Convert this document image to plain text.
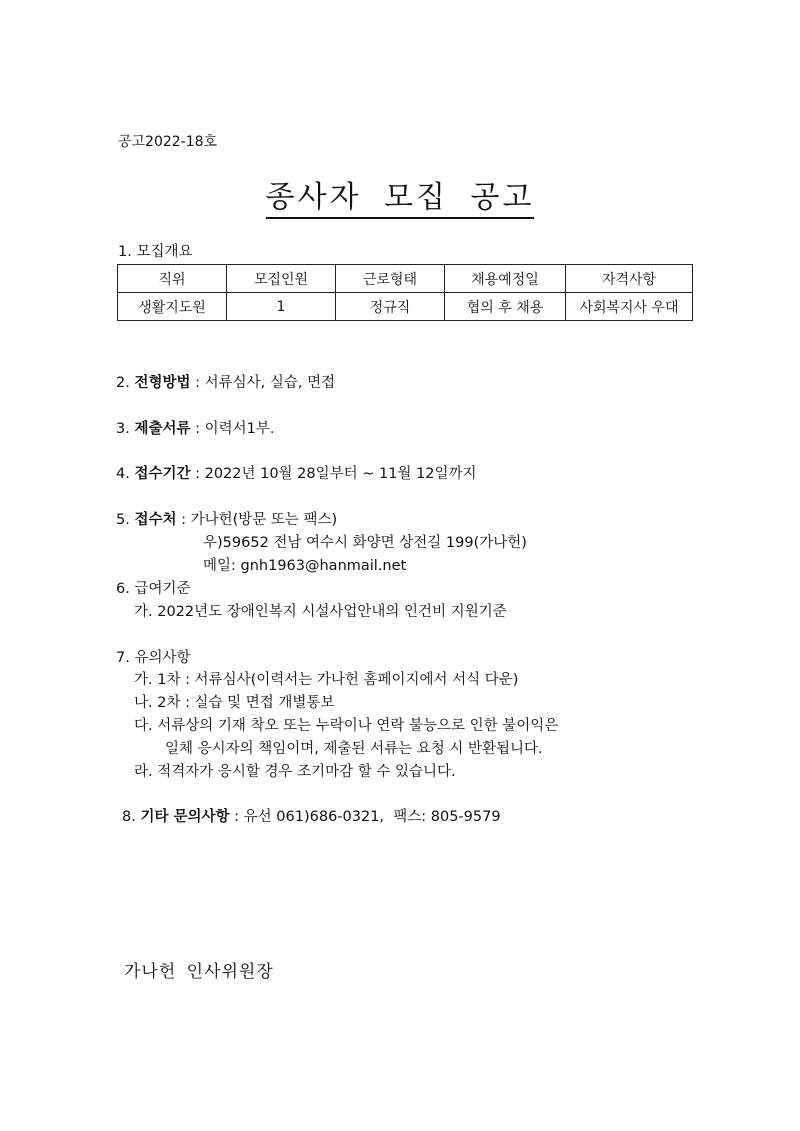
공고2022-18호
종사자 모집 공고
1. 모집개요
직위	모집인원	근로형태	채용예정일	자격사항
생활지도원	1	정규직	협의 후 채용	사회복지사 우대
2. 전형방법 : 서류심사, 실습, 면접
3. 제출서류 : 이력서1부.
4. 접수기간 : 2022년 10월 28일부터 ~ 11월 12일까지
5. 접수처 : 가나헌(방문 또는 팩스)
우)59652 전남 여수시 화양면 상전길 199(가나헌)
메일: gnh1963@hanmail.net
6. 급여기준
가. 2022년도 장애인복지 시설사업안내의 인건비 지원기준
7. 유의사항
가. 1차 : 서류심사(이력서는 가나헌 홈페이지에서 서식 다운)
나. 2차 : 실습 및 면접 개별통보
다. 서류상의 기재 착오 또는 누락이나 연락 불능으로 인한 불이익은
일체 응시자의 책임이며, 제출된 서류는 요청 시 반환됩니다.
라. 적격자가 응시할 경우 조기마감 할 수 있습니다.
8. 기타 문의사항 : 유선 061)686-0321,  팩스: 805-9579
가나헌 인사위원장
